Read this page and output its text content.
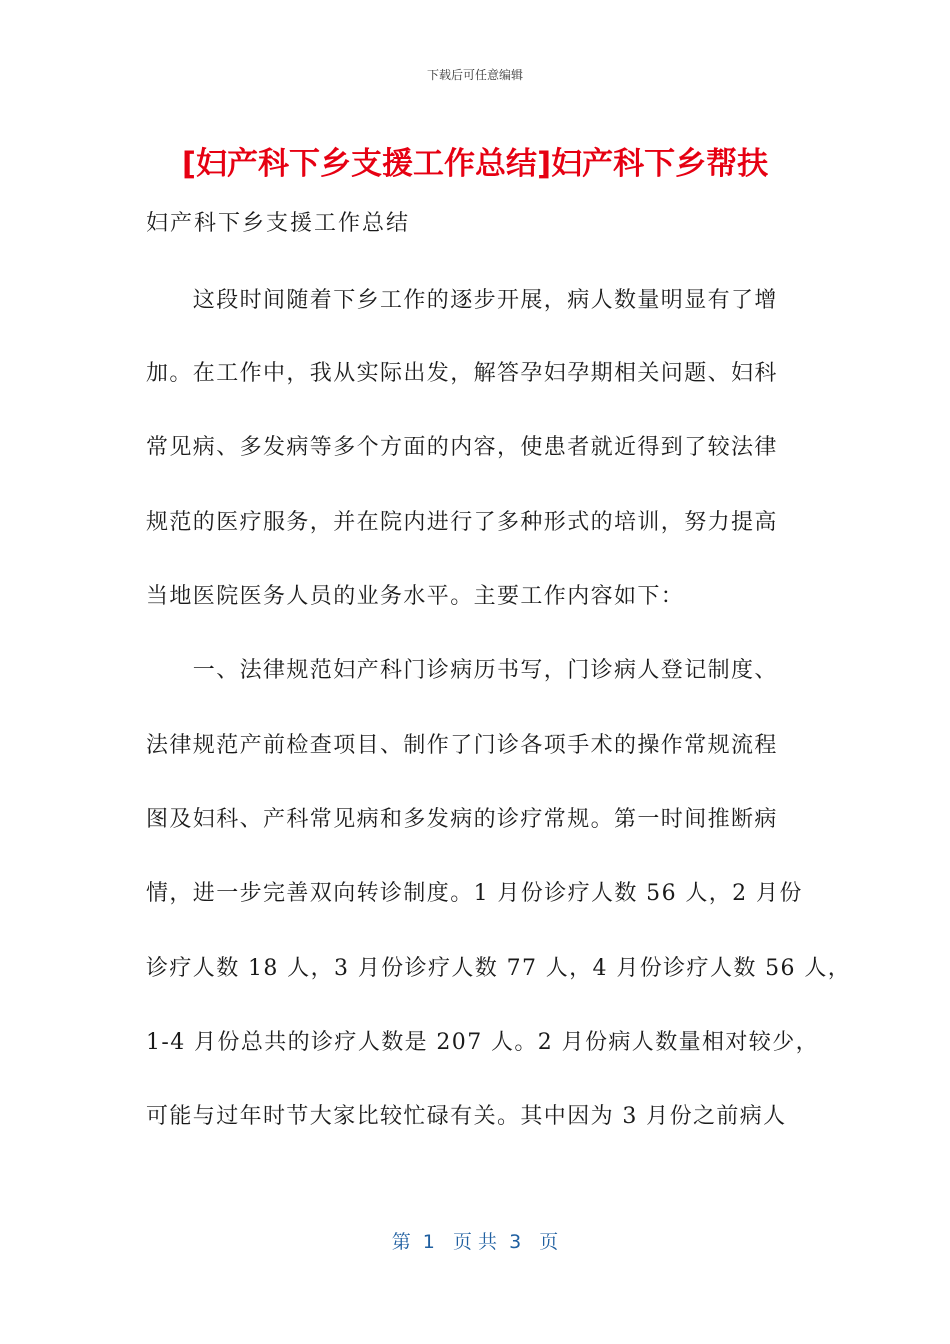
下载后可任意编辑
[妇产科下乡支援工作总结]妇产科下乡帮扶
妇产科下乡支援工作总结
　　这段时间随着下乡工作的逐步开展，病人数量明显有了增
加。在工作中，我从实际出发，解答孕妇孕期相关问题、妇科
常见病、多发病等多个方面的内容，使患者就近得到了较法律
规范的医疗服务，并在院内进行了多种形式的培训，努力提高
当地医院医务人员的业务水平。主要工作内容如下：
　　一、法律规范妇产科门诊病历书写，门诊病人登记制度、
法律规范产前检查项目、制作了门诊各项手术的操作常规流程
图及妇科、产科常见病和多发病的诊疗常规。第一时间推断病
情，进一步完善双向转诊制度。1 月份诊疗人数 56 人，2 月份
诊疗人数 18 人，3 月份诊疗人数 77 人，4 月份诊疗人数 56 人，
1-4 月份总共的诊疗人数是 207 人。2 月份病人数量相对较少，
可能与过年时节大家比较忙碌有关。其中因为 3 月份之前病人
第  1   页 共  3   页
